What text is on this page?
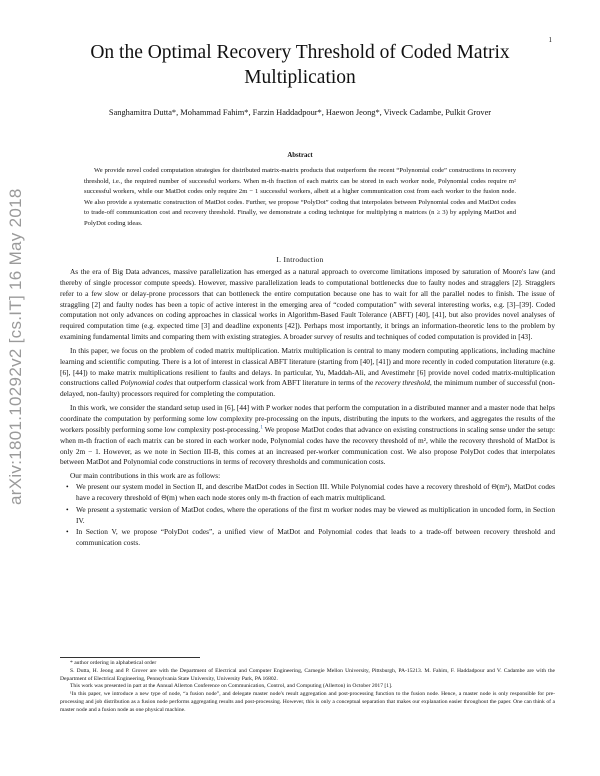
1
arXiv:1801.10292v2 [cs.IT] 16 May 2018
On the Optimal Recovery Threshold of Coded Matrix Multiplication
Sanghamitra Dutta*, Mohammad Fahim*, Farzin Haddadpour*, Haewon Jeong*, Viveck Cadambe, Pulkit Grover
Abstract
We provide novel coded computation strategies for distributed matrix-matrix products that outperform the recent “Polynomial code” constructions in recovery threshold, i.e., the required number of successful workers. When m-th fraction of each matrix can be stored in each worker node, Polynomial codes require m² successful workers, while our MatDot codes only require 2m − 1 successful workers, albeit at a higher communication cost from each worker to the fusion node. We also provide a systematic construction of MatDot codes. Further, we propose “PolyDot” coding that interpolates between Polynomial codes and MatDot codes to trade-off communication cost and recovery threshold. Finally, we demonstrate a coding technique for multiplying n matrices (n ≥ 3) by applying MatDot and PolyDot coding ideas.
I. Introduction

As the era of Big Data advances, massive parallelization has emerged as a natural approach to overcome limitations imposed by saturation of Moore's law (and thereby of single processor compute speeds). However, massive parallelization leads to computational bottlenecks due to faulty nodes and stragglers [2]. Stragglers refer to a few slow or delay-prone processors that can bottleneck the entire computation because one has to wait for all the parallel nodes to finish. The issue of straggling [2] and faulty nodes has been a topic of active interest in the emerging area of “coded computation” with several interesting works, e.g. [3]–[39]. Coded computation not only advances on coding approaches in classical works in Algorithm-Based Fault Tolerance (ABFT) [40], [41], but also provides novel analyses of required computation time (e.g. expected time [3] and deadline exponents [42]). Perhaps most importantly, it brings an information-theoretic lens to the problem by examining fundamental limits and comparing them with existing strategies. A broader survey of results and techniques of coded computation is provided in [43].

In this paper, we focus on the problem of coded matrix multiplication. Matrix multiplication is central to many modern computing applications, including machine learning and scientific computing. There is a lot of interest in classical ABFT literature (starting from [40], [41]) and more recently in coded computation literature (e.g. [6], [44]) to make matrix multiplications resilient to faults and delays. In particular, Yu, Maddah-Ali, and Avestimehr [6] provide novel coded matrix-multiplication constructions called Polynomial codes that outperform classical work from ABFT literature in terms of the recovery threshold, the minimum number of successful (non-delayed, non-faulty) processors required for completing the computation.

In this work, we consider the standard setup used in [6], [44] with P worker nodes that perform the computation in a distributed manner and a master node that helps coordinate the computation by performing some low complexity pre-processing on the inputs, distributing the inputs to the workers, and aggregates the results of the workers possibly performing some low complexity post-processing.$^1$ We propose MatDot codes that advance on existing constructions in scaling sense under the setup: when m-th fraction of each matrix can be stored in each worker node, Polynomial codes have the recovery threshold of m², while the recovery threshold of MatDot is only 2m − 1. However, as we note in Section III-B, this comes at an increased per-worker communication cost. We also propose PolyDot codes that interpolates between MatDot and Polynomial code constructions in terms of recovery thresholds and communication costs.

Our main contributions in this work are as follows:

• We present our system model in Section II, and describe MatDot codes in Section III. While Polynomial codes have a recovery threshold of Θ(m²), MatDot codes have a recovery threshold of Θ(m) when each node stores only m-th fraction of each matrix multiplicand.
• We present a systematic version of MatDot codes, where the operations of the first m worker nodes may be viewed as multiplication in uncoded form, in Section IV.
• In Section V, we propose “PolyDot codes”, a unified view of MatDot and Polynomial codes that leads to a trade-off between recovery threshold and communication costs.

* author ordering in alphabetical order

S. Dutta, H. Jeong and P. Grover are with the Department of Electrical and Computer Engineering, Carnegie Mellon University, Pittsburgh, PA-15213. M. Fahim, F. Haddadpour and V. Cadambe are with the Department of Electrical Engineering, Pennsylvania State University, University Park, PA 16802.

This work was presented in part at the Annual Allerton Conference on Communication, Control, and Computing (Allerton) in October 2017 [1].

¹In this paper, we introduce a new type of node, “a fusion node”, and delegate master node's result aggregation and post-processing function to the fusion node. Hence, a master node is only responsible for pre-processing and job distribution as a fusion node performs aggregating results and post-processing. However, this is only a conceptual separation that makes our explanation easier throughout the paper. One can think of a master node and a fusion node as one physical machine.
